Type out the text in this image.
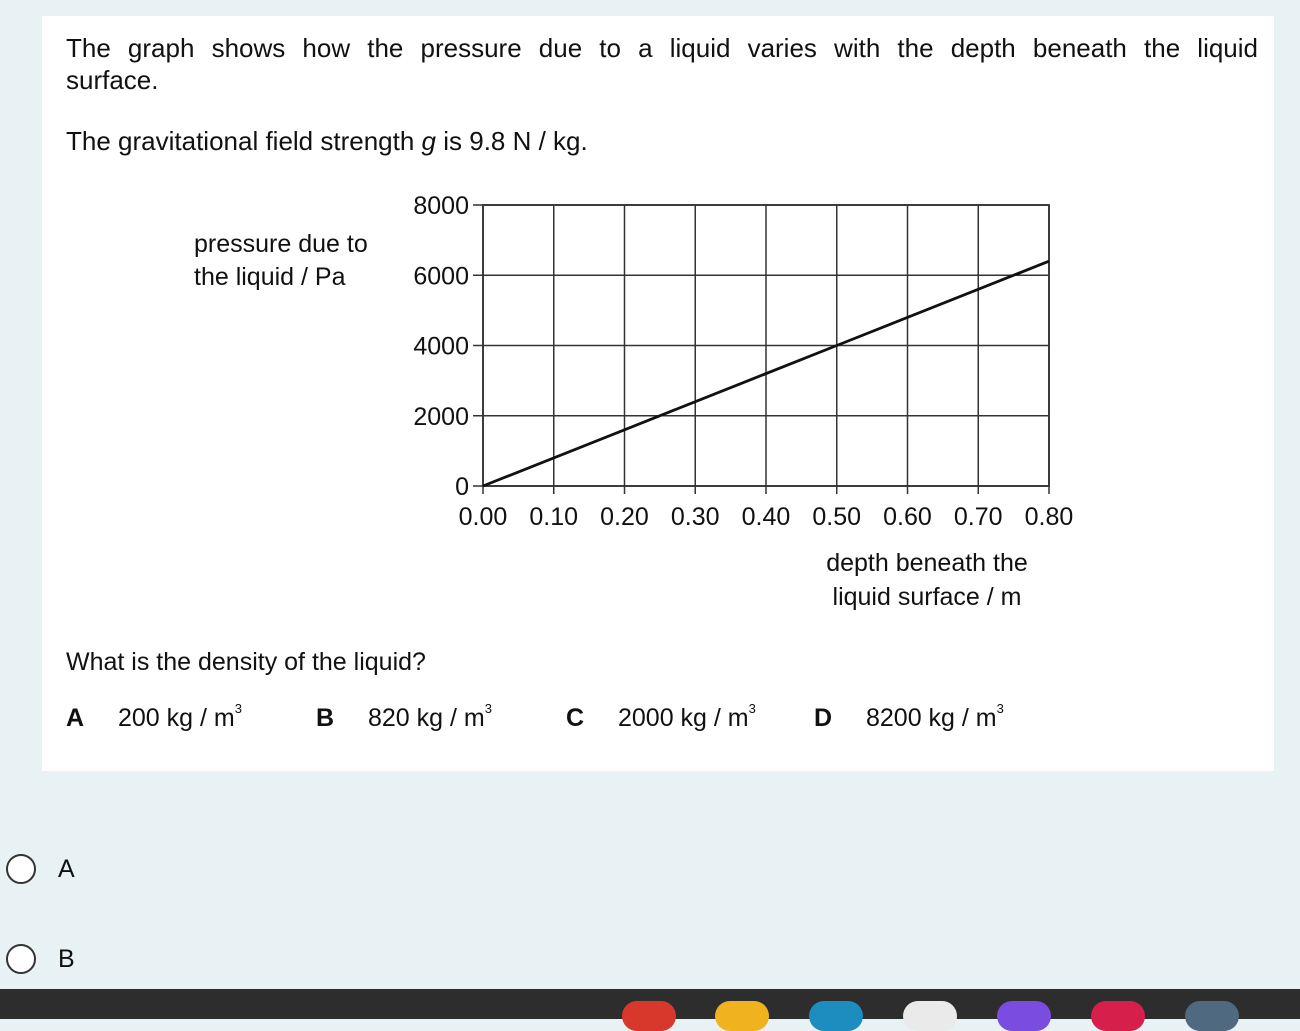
The graph shows how the pressure due to a liquid varies with the depth beneath the liquid surface.
The gravitational field strength g is 9.8 N / kg.
pressure due to
the liquid / Pa
0.00 0.10 0.20 0.30 0.40 0.50 0.60 0.70 0.80
0
2000
4000
6000
8000
depth beneath the
liquid surface / m
What is the density of the liquid?
A 200 kg / $m^3$	B 820 kg / $m^3$	C 2000 kg / $m^3$ D 8200 kg / $m^3$
A
B
